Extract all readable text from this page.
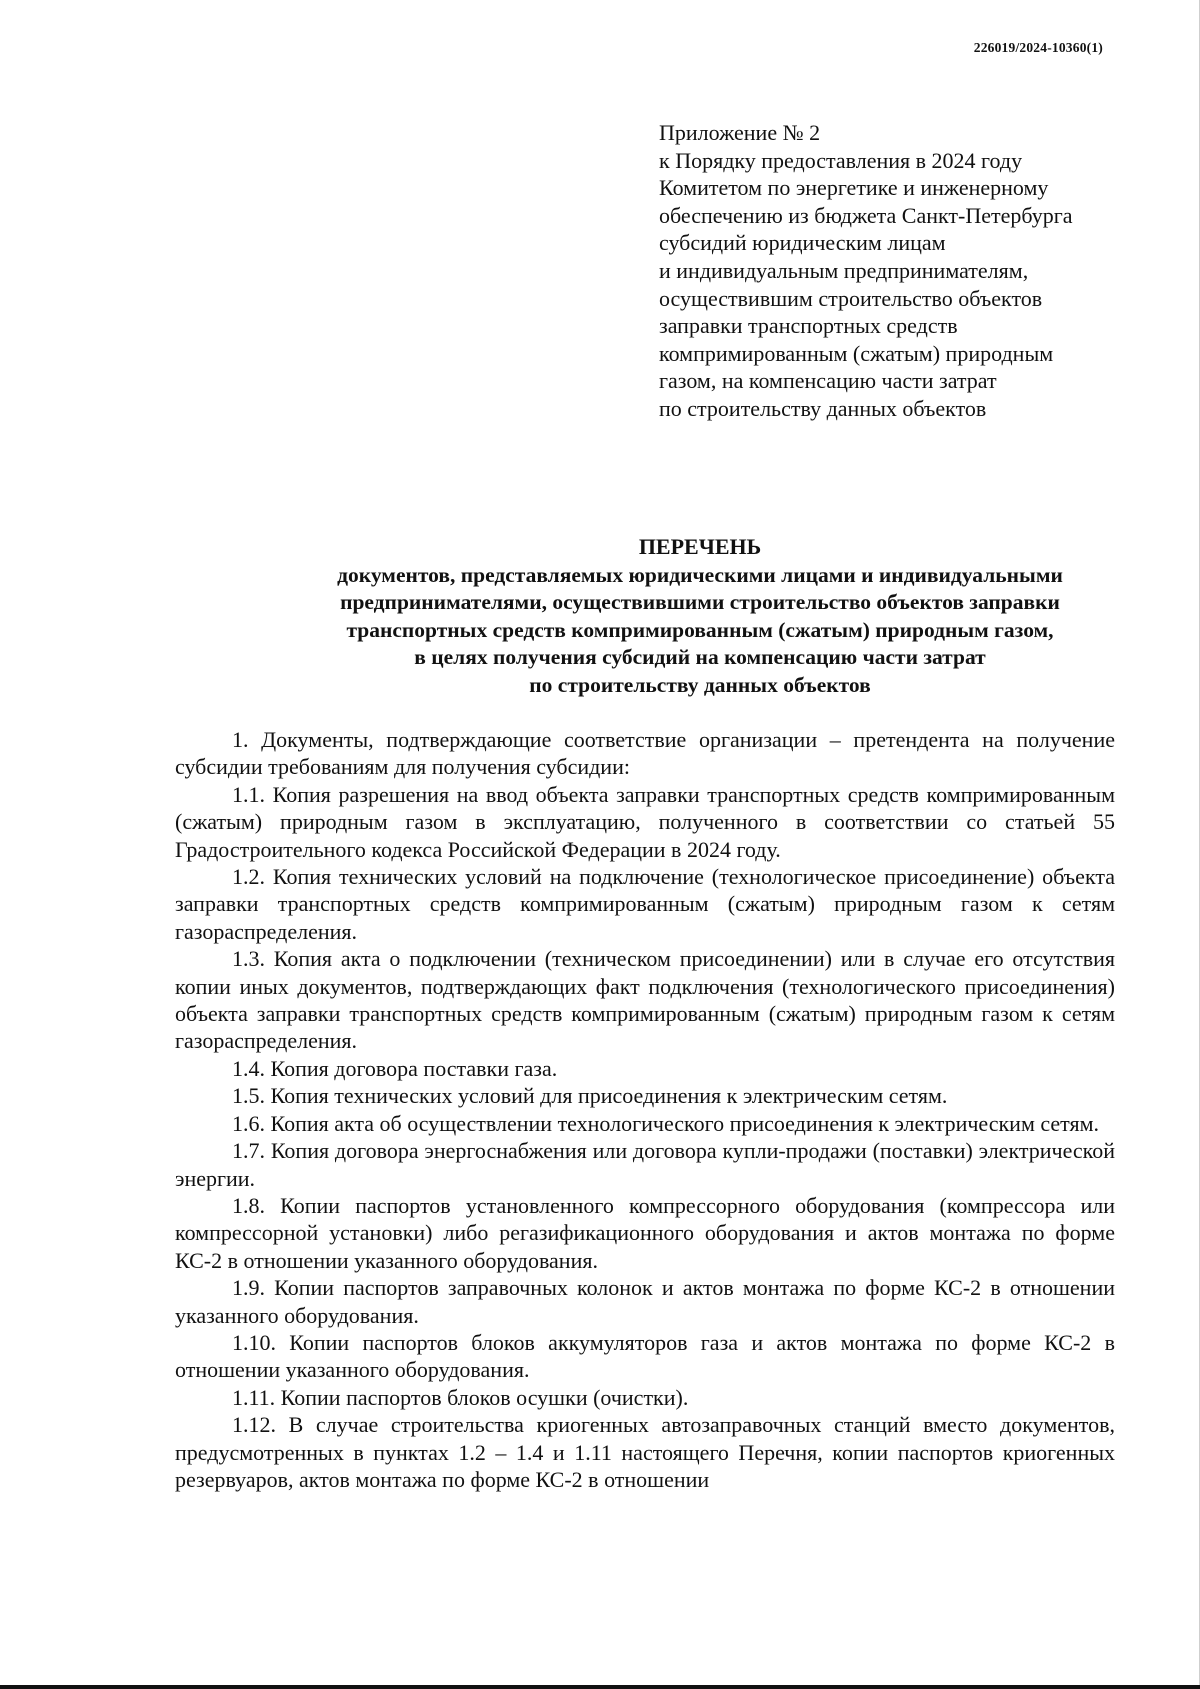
226019/2024-10360(1)
Приложение № 2
к Порядку предоставления в 2024 году
Комитетом по энергетике и инженерному
обеспечению из бюджета Санкт-Петербурга
субсидий юридическим лицам
и индивидуальным предпринимателям,
осуществившим строительство объектов
заправки транспортных средств
компримированным (сжатым) природным
газом, на компенсацию части затрат
по строительству данных объектов
ПЕРЕЧЕНЬ
документов, представляемых юридическими лицами и индивидуальными
предпринимателями, осуществившими строительство объектов заправки
транспортных средств компримированным (сжатым) природным газом,
в целях получения субсидий на компенсацию части затрат
по строительству данных объектов

1. Документы, подтверждающие соответствие организации – претендента на получение субсидии требованиям для получения субсидии:

1.1. Копия разрешения на ввод объекта заправки транспортных средств компримированным (сжатым) природным газом в эксплуатацию, полученного в соответствии со статьей 55 Градостроительного кодекса Российской Федерации в 2024 году.

1.2. Копия технических условий на подключение (технологическое присоединение) объекта заправки транспортных средств компримированным (сжатым) природным газом к сетям газораспределения.

1.3. Копия акта о подключении (техническом присоединении) или в случае его отсутствия копии иных документов, подтверждающих факт подключения (технологического присоединения) объекта заправки транспортных средств компримированным (сжатым) природным газом к сетям газораспределения.

1.4. Копия договора поставки газа.

1.5. Копия технических условий для присоединения к электрическим сетям.

1.6. Копия акта об осуществлении технологического присоединения к электрическим сетям.

1.7. Копия договора энергоснабжения или договора купли-продажи (поставки) электрической энергии.

1.8. Копии паспортов установленного компрессорного оборудования (компрессора или компрессорной установки) либо регазификационного оборудования и актов монтажа по форме КС-2 в отношении указанного оборудования.

1.9. Копии паспортов заправочных колонок и актов монтажа по форме КС-2 в отношении указанного оборудования.

1.10. Копии паспортов блоков аккумуляторов газа и актов монтажа по форме КС-2 в отношении указанного оборудования.

1.11. Копии паспортов блоков осушки (очистки).

1.12. В случае строительства криогенных автозаправочных станций вместо документов, предусмотренных в пунктах 1.2 – 1.4 и 1.11 настоящего Перечня, копии паспортов криогенных резервуаров, актов монтажа по форме КС-2 в отношении
